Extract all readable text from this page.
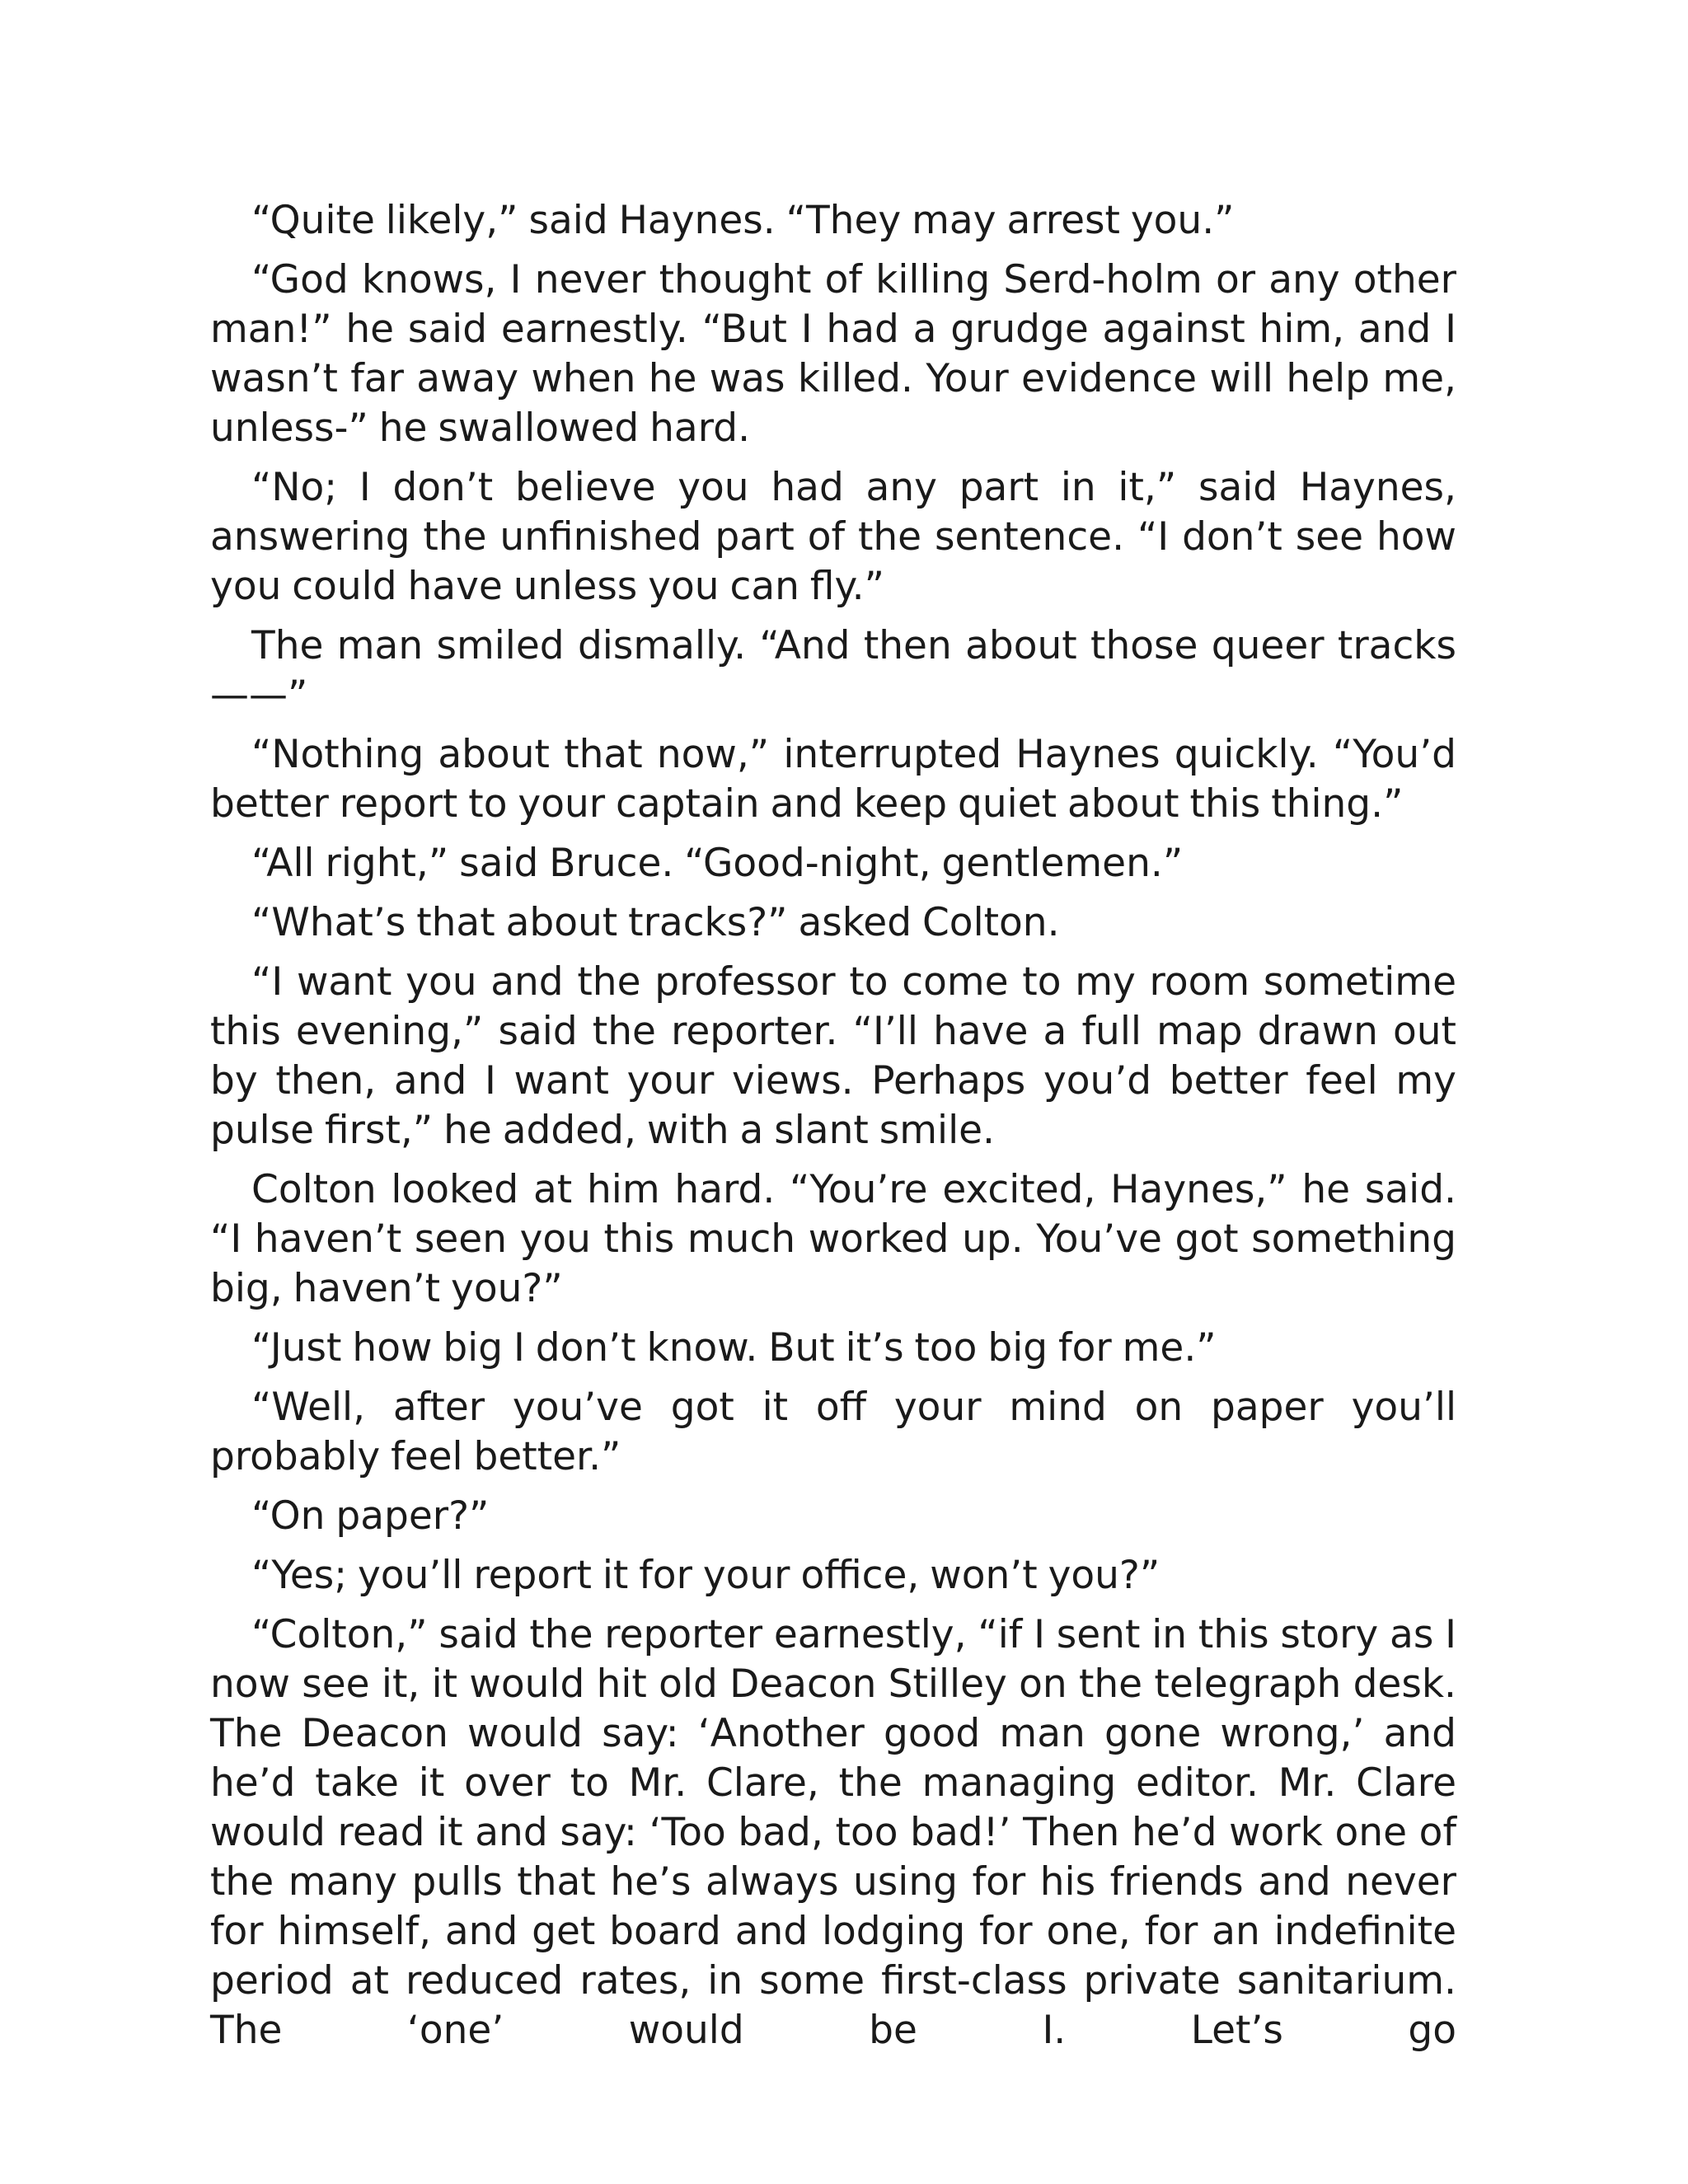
“Quite likely,” said Haynes. “They may arrest you.”

“God knows, I never thought of killing Serd-holm or any other man!” he said earnestly. “But I had a grudge against him, and I wasn’t far away when he was killed. Your evidence will help me, unless-” he swallowed hard.

“No; I don’t believe you had any part in it,” said Haynes, answering the unfinished part of the sentence. “I don’t see how you could have unless you can fly.”

The man smiled dismally. “And then about those queer tracks——”

“Nothing about that now,” interrupted Haynes quickly. “You’d better report to your captain and keep quiet about this thing.”

“All right,” said Bruce. “Good-night, gentlemen.”

“What’s that about tracks?” asked Colton.

“I want you and the professor to come to my room sometime this evening,” said the reporter. “I’ll have a full map drawn out by then, and I want your views. Perhaps you’d better feel my pulse first,” he added, with a slant smile.

Colton looked at him hard. “You’re excited, Haynes,” he said. “I haven’t seen you this much worked up. You’ve got something big, haven’t you?”

“Just how big I don’t know. But it’s too big for me.”

“Well, after you’ve got it off your mind on paper you’ll probably feel better.”

“On paper?”

“Yes; you’ll report it for your office, won’t you?”

“Colton,” said the reporter earnestly, “if I sent in this story as I now see it, it would hit old Deacon Stilley on the telegraph desk. The Deacon would say: ‘Another good man gone wrong,’ and he’d take it over to Mr. Clare, the managing editor. Mr. Clare would read it and say: ‘Too bad, too bad!’ Then he’d work one of the many pulls that he’s always using for his friends and never for himself, and get board and lodging for one, for an indefinite period at reduced rates, in some first-class private sanitarium. The ‘one’ would be I. Let’s go
